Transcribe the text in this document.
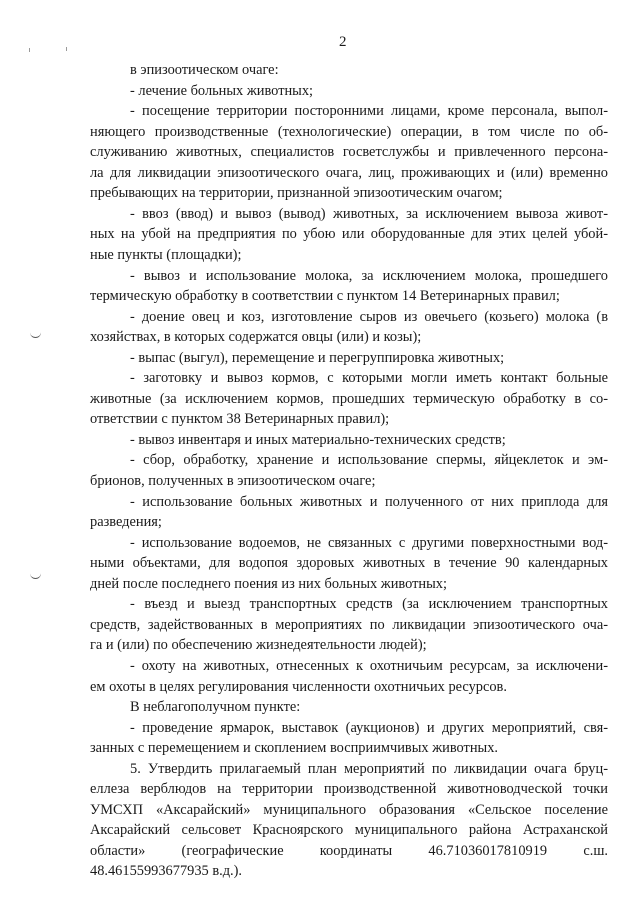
2
в эпизоотическом очаге:
- лечение больных животных;
- посещение территории посторонними лицами, кроме персонала, выпол-
няющего производственные (технологические) операции, в том числе по об-
служиванию животных, специалистов госветслужбы и привлеченного персона-
ла для ликвидации эпизоотического очага, лиц, проживающих и (или) временно
пребывающих на территории, признанной эпизоотическим очагом;
- ввоз (ввод) и вывоз (вывод) животных, за исключением вывоза живот-
ных на убой на предприятия по убою или оборудованные для этих целей убой-
ные пункты (площадки);
- вывоз и использование молока, за исключением молока, прошедшего
термическую обработку в соответствии с пунктом 14 Ветеринарных правил;
- доение овец и коз, изготовление сыров из овечьего (козьего) молока (в
хозяйствах, в которых содержатся овцы (или) и козы);
- выпас (выгул), перемещение и перегруппировка животных;
- заготовку и вывоз кормов, с которыми могли иметь контакт больные
животные (за исключением кормов, прошедших термическую обработку в со-
ответствии с пунктом 38 Ветеринарных правил);
- вывоз инвентаря и иных материально-технических средств;
- сбор, обработку, хранение и использование спермы, яйцеклеток и эм-
брионов, полученных в эпизоотическом очаге;
- использование больных животных и полученного от них приплода для
разведения;
- использование водоемов, не связанных с другими поверхностными вод-
ными объектами, для водопоя здоровых животных в течение 90 календарных
дней после последнего поения из них больных животных;
- въезд и выезд транспортных средств (за исключением транспортных
средств, задействованных в мероприятиях по ликвидации эпизоотического оча-
га и (или) по обеспечению жизнедеятельности людей);
- охоту на животных, отнесенных к охотничьим ресурсам, за исключени-
ем охоты в целях регулирования численности охотничьих ресурсов.
В неблагополучном пункте:
- проведение ярмарок, выставок (аукционов) и других мероприятий, свя-
занных с перемещением и скоплением восприимчивых животных.
5. Утвердить прилагаемый план мероприятий по ликвидации очага бруц-
еллеза верблюдов на территории производственной животноводческой точки
УМСХП «Аксарайский» муниципального образования «Сельское поселение
Аксарайский сельсовет Красноярского муниципального района Астраханской
области» (географические координаты 46.71036017810919 с.ш.
48.46155993677935 в.д.).
